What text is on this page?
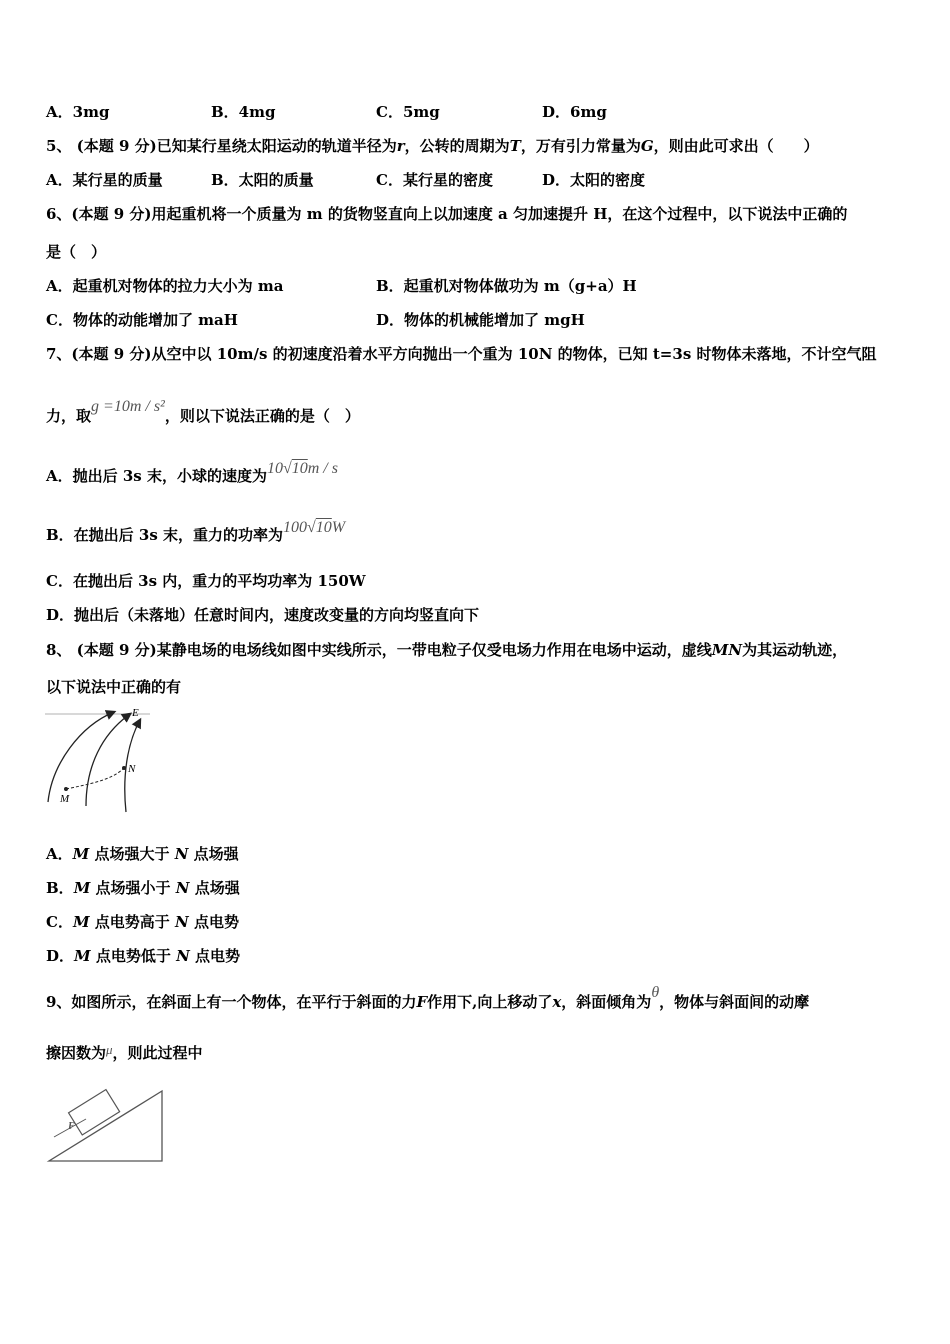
A．3mg	B．4mg	C．5mg	D．6mg
5、 (本题 9 分)已知某行星绕太阳运动的轨道半径为r，公转的周期为T，万有引力常量为G，则由此可求出（　　）
A．某行星的质量	B．太阳的质量	C．某行星的密度	D．太阳的密度
6、(本题 9 分)用起重机将一个质量为 m 的货物竖直向上以加速度 a 匀加速提升 H，在这个过程中，以下说法中正确的
是（　）
A．起重机对物体的拉力大小为 ma	B．起重机对物体做功为 m（g+a）H
C．物体的动能增加了 maH	D．物体的机械能增加了 mgH
7、(本题 9 分)从空中以 10m/s 的初速度沿着水平方向抛出一个重为 10N 的物体，已知 t=3s 时物体未落地，不计空气阻
力，取g =10m / s²，则以下说法正确的是（　）
A．抛出后 3s 末，小球的速度为10√10m / s
B．在抛出后 3s 末，重力的功率为100√10W
C．在抛出后 3s 内，重力的平均功率为 150W
D．抛出后（未落地）任意时间内，速度改变量的方向均竖直向下
8、 (本题 9 分)某静电场的电场线如图中实线所示，一带电粒子仅受电场力作用在电场中运动，虚线MN为其运动轨迹，
以下说法中正确的有
E
N
M
A．M 点场强大于 N 点场强
B．M 点场强小于 N 点场强
C．M 点电势高于 N 点电势
D．M 点电势低于 N 点电势
9、如图所示，在斜面上有一个物体，在平行于斜面的力F作用下,向上移动了x，斜面倾角为θ，物体与斜面间的动摩
擦因数为μ，则此过程中
F
